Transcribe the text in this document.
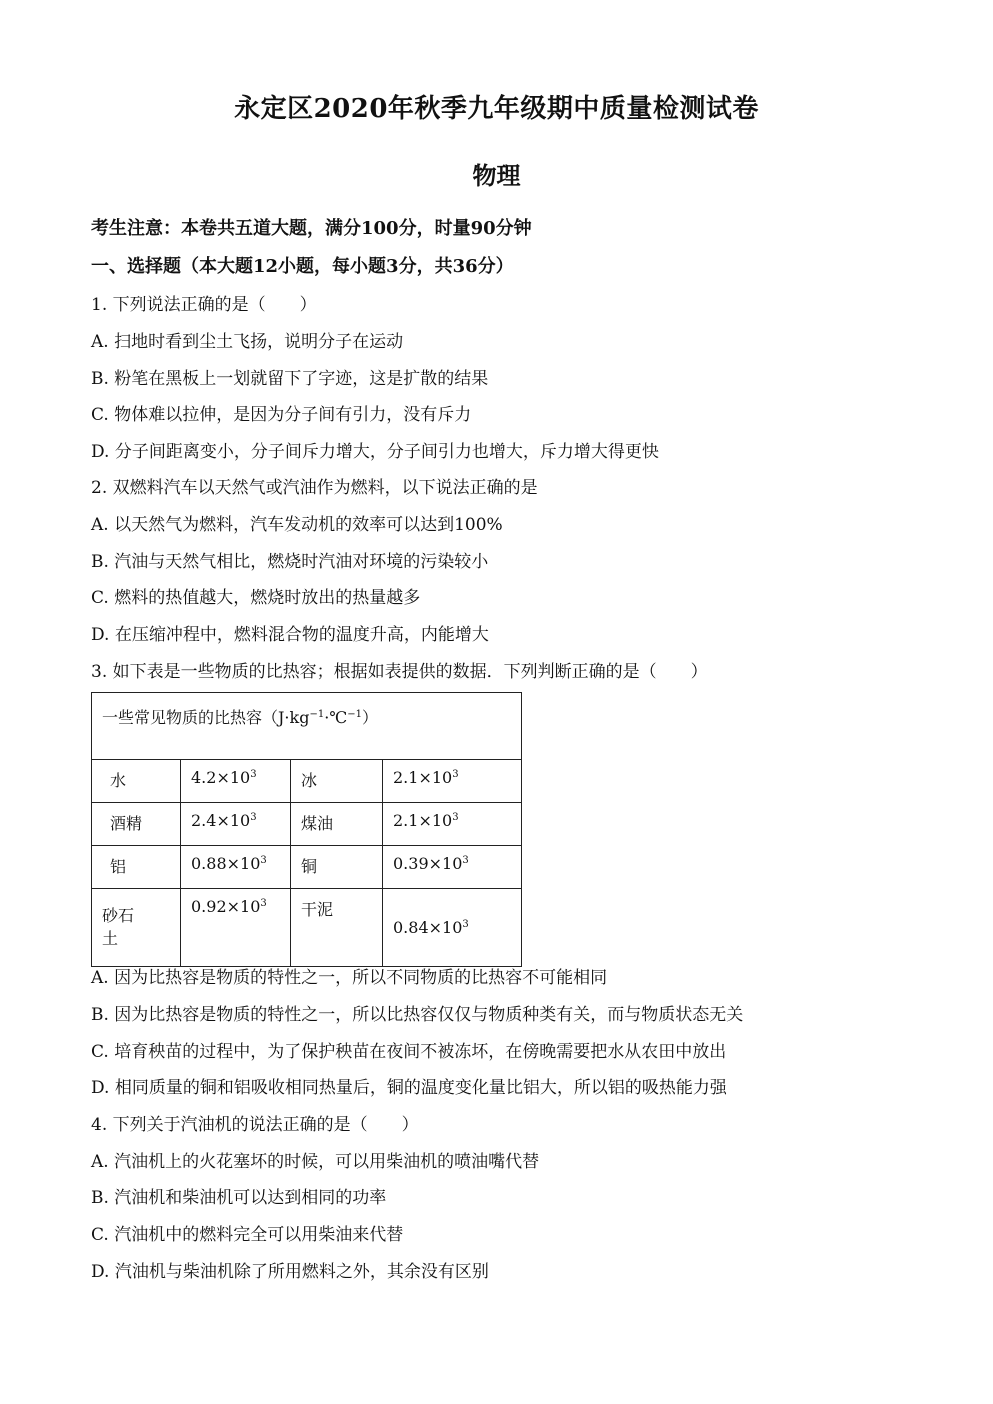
永定区2020年秋季九年级期中质量检测试卷
物理
考生注意：本卷共五道大题，满分100分，时量90分钟
一、选择题（本大题12小题，每小题3分，共36分）
1. 下列说法正确的是（　　）
A. 扫地时看到尘土飞扬，说明分子在运动
B. 粉笔在黑板上一划就留下了字迹，这是扩散的结果
C. 物体难以拉伸，是因为分子间有引力，没有斥力
D. 分子间距离变小，分子间斥力增大，分子间引力也增大，斥力增大得更快
2. 双燃料汽车以天然气或汽油作为燃料，以下说法正确的是
A. 以天然气为燃料，汽车发动机的效率可以达到100%
B. 汽油与天然气相比，燃烧时汽油对环境的污染较小
C. 燃料的热值越大，燃烧时放出的热量越多
D. 在压缩冲程中，燃料混合物的温度升高，内能增大
3. 如下表是一些物质的比热容；根据如表提供的数据．下列判断正确的是（　　）
一些常见物质的比热容$(J\cdot kg^{-1}\cdot℃^{-1})$			
水	$4.2\times 10^3$	冰	$2.1\times 10^3$
酒精	$2.4\times 10^3$	煤油	$2.1\times 10^3$
铝	$0.88\times 10^3$	铜	$0.39\times 10^3$

砂石
土	$0.92\times 10^3$	干泥	$0.84\times 10^3$
A. 因为比热容是物质的特性之一，所以不同物质的比热容不可能相同
B. 因为比热容是物质的特性之一，所以比热容仅仅与物质种类有关，而与物质状态无关
C. 培育秧苗的过程中，为了保护秧苗在夜间不被冻坏，在傍晚需要把水从农田中放出
D. 相同质量的铜和铝吸收相同热量后，铜的温度变化量比铝大，所以铝的吸热能力强
4. 下列关于汽油机的说法正确的是（　　）
A. 汽油机上的火花塞坏的时候，可以用柴油机的喷油嘴代替
B. 汽油机和柴油机可以达到相同的功率
C. 汽油机中的燃料完全可以用柴油来代替
D. 汽油机与柴油机除了所用燃料之外，其余没有区别
